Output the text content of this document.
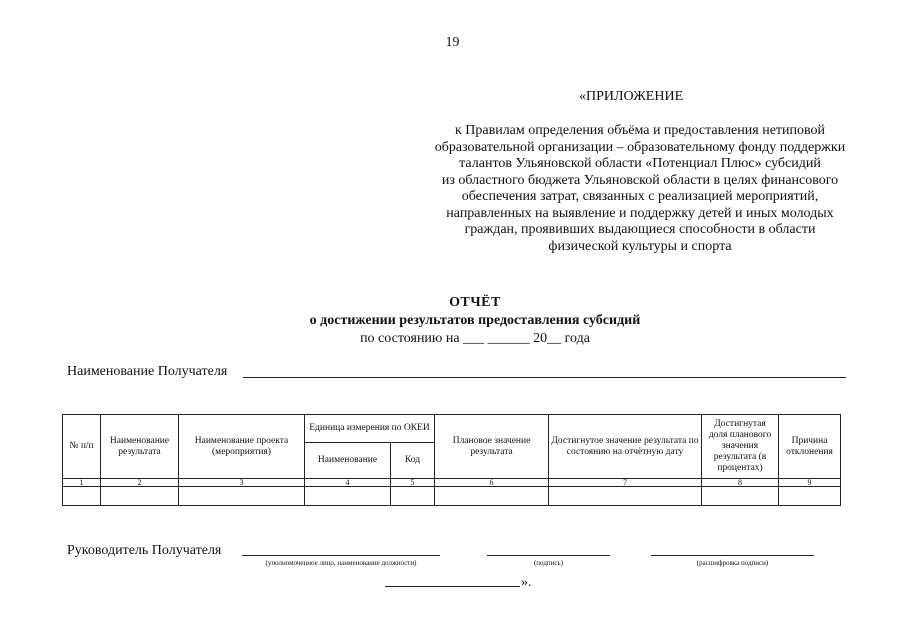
19
«ПРИЛОЖЕНИЕ
к Правилам определения объёма и предоставления нетиповой
образовательной организации – образовательному фонду поддержки
талантов Ульяновской области «Потенциал Плюс» субсидий
из областного бюджета Ульяновской области в целях финансового
обеспечения затрат, связанных с реализацией мероприятий,
направленных на выявление и поддержку детей и иных молодых
граждан, проявивших выдающиеся способности в области
физической культуры и спорта
ОТЧЁТ
о достижении результатов предоставления субсидий
по состоянию на ___ ______ 20__ года
Наименование Получателя
№ п/п	Наименование результата	Наименование проекта (мероприятия)	Единица измерения по ОКЕИ		Плановое значение результата	Достигнутое значение результата по состоянию на отчётную дату	Достигнутая доля планового значения результата (в процентах)	Причина отклонения
			Наименование	Код				
1	2	3	4	5	6	7	8	9

Руководитель Получателя
(уполномоченное лицо, наименование должности)	(подпись)	(расшифровка подписи)
».
